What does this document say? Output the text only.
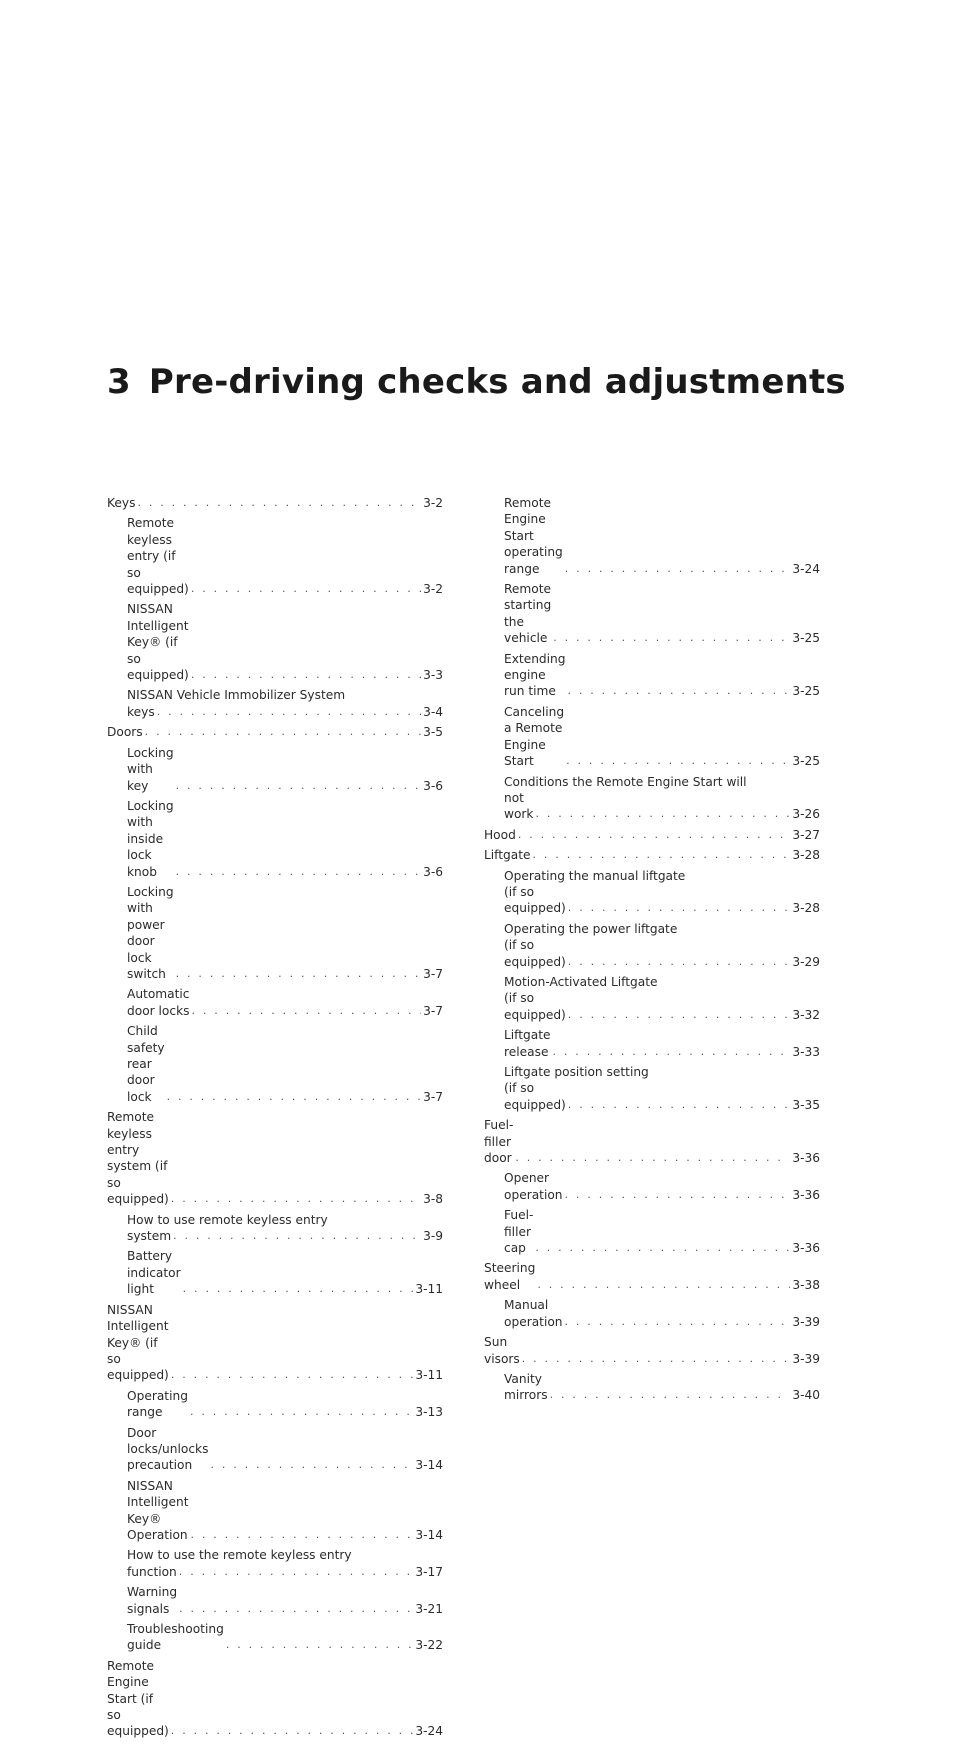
3 Pre-driving checks and adjustments
Keys . . .	3-2
Remote keyless entry (if so equipped) . . .	3-2
NISSAN Intelligent Key® (if so equipped) . . .	3-3
NISSAN Vehicle Immobilizer System
keys . . .	3-4
Doors . . .	3-5
Locking with key . . .	3-6
Locking with inside lock knob . . .	3-6
Locking with power door lock switch . . .	3-7
Automatic door locks . . .	3-7
Child safety rear door lock . . .	3-7
Remote keyless entry system (if so equipped) . . .	3-8
How to use remote keyless entry
system . . .	3-9
Battery indicator light . . .	3-11
NISSAN Intelligent Key® (if so equipped) . . .	3-11
Operating range . . .	3-13
Door locks/unlocks precaution . . .	3-14
NISSAN Intelligent Key® Operation . . .	3-14
How to use the remote keyless entry
function . . .	3-17
Warning signals . . .	3-21
Troubleshooting guide . . .	3-22
Remote Engine Start (if so equipped) . . .	3-24
Remote Engine Start operating range . . .	3-24
Remote starting the vehicle . . .	3-25
Extending engine run time . . .	3-25
Canceling a Remote Engine Start . . .	3-25
Conditions the Remote Engine Start will
not work . . .	3-26
Hood . . .	3-27
Liftgate . . .	3-28
Operating the manual liftgate
(if so equipped) . . .	3-28
Operating the power liftgate
(if so equipped) . . .	3-29
Motion-Activated Liftgate
(if so equipped) . . .	3-32
Liftgate release . . .	3-33
Liftgate position setting
(if so equipped) . . .	3-35
Fuel-filler door . . .	3-36
Opener operation . . .	3-36
Fuel-filler cap . . .	3-36
Steering wheel . . .	3-38
Manual operation . . .	3-39
Sun visors . . .	3-39
Vanity mirrors . . .	3-40
